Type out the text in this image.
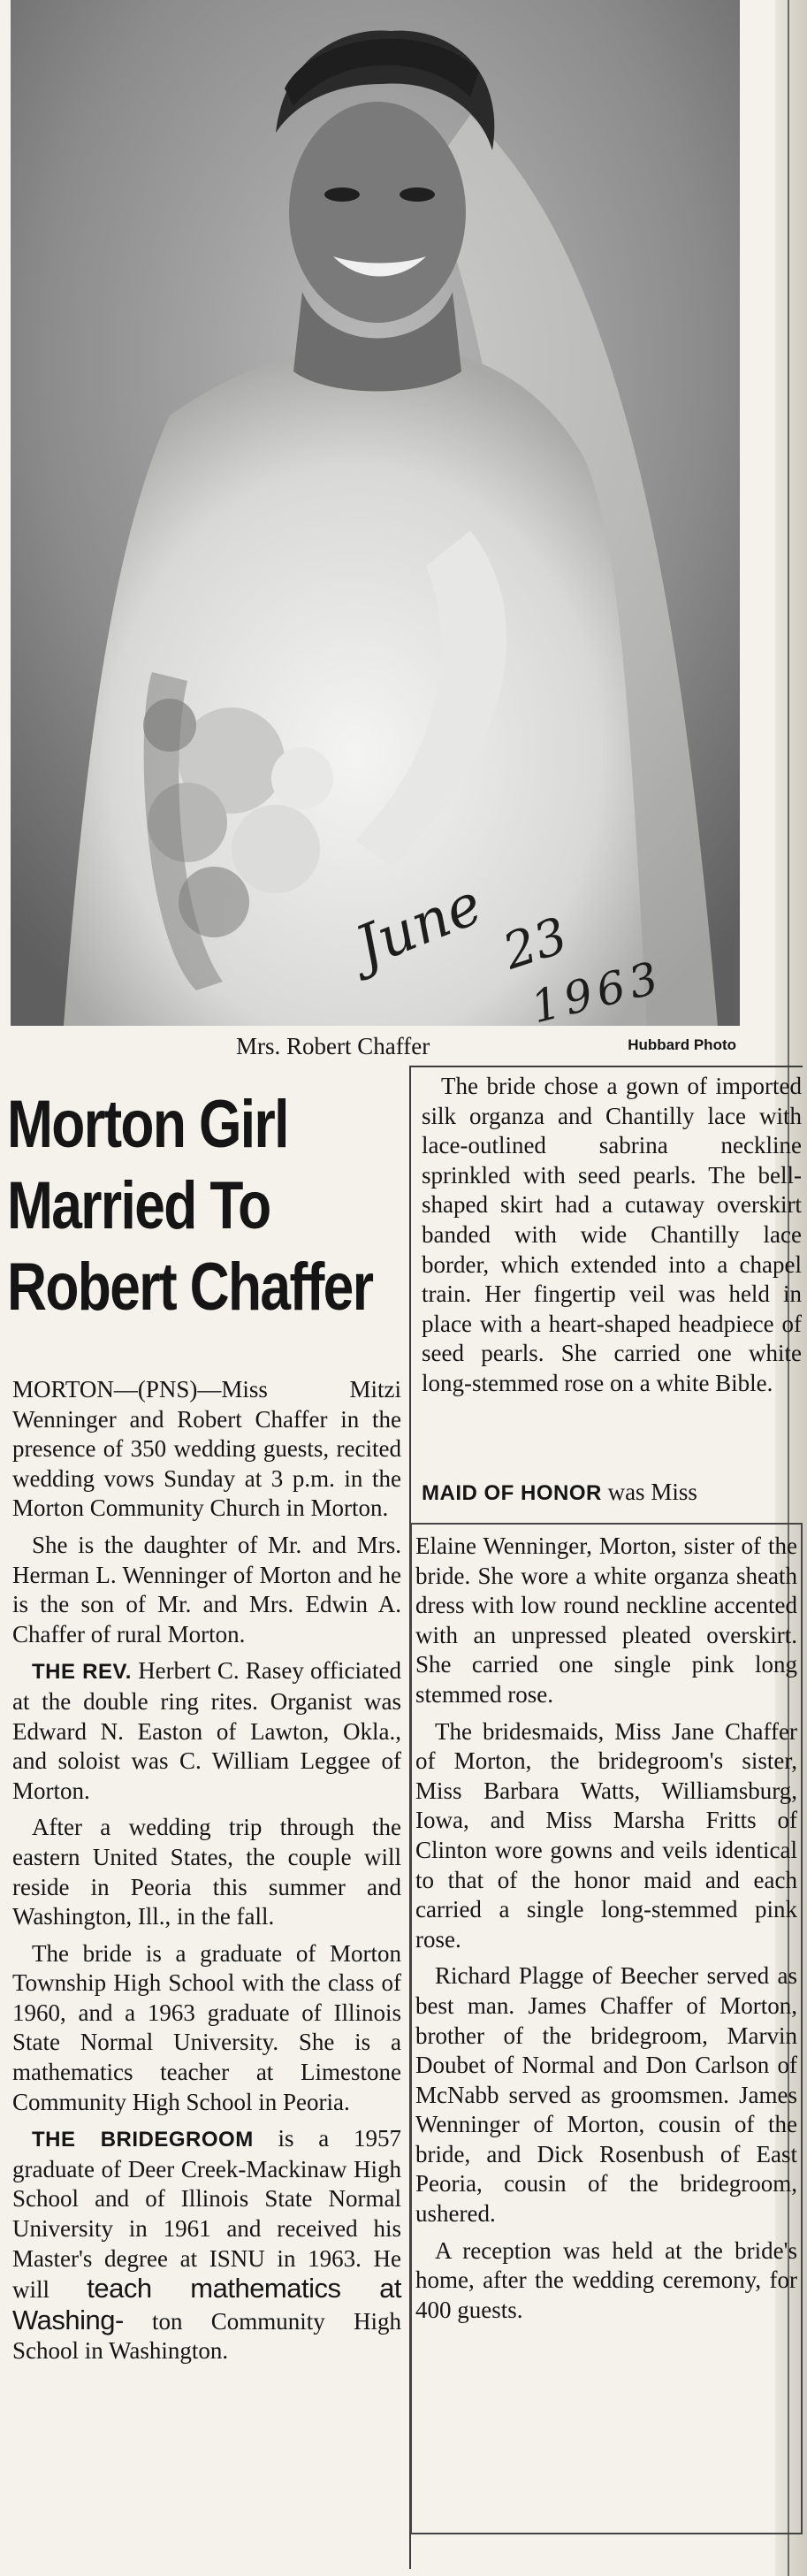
June 23
1963
Mrs. Robert Chaffer	Hubbard Photo
Morton Girl
Married To
Robert Chaffer

MORTON—(PNS)—Miss Mitzi Wenninger and Robert Chaffer in the presence of 350 wedding guests, recited wedding vows Sunday at 3 p.m. in the Morton Community Church in Morton.

She is the daughter of Mr. and Mrs. Herman L. Wenninger of Morton and he is the son of Mr. and Mrs. Edwin A. Chaffer of rural Morton.

THE REV. Herbert C. Rasey officiated at the double ring rites. Organist was Edward N. Easton of Lawton, Okla., and soloist was C. William Leggee of Morton.

After a wedding trip through the eastern United States, the couple will reside in Peoria this summer and Washington, Ill., in the fall.

The bride is a graduate of Morton Township High School with the class of 1960, and a 1963 graduate of Illinois State Normal University. She is a mathematics teacher at Limestone Community High School in Peoria.

THE BRIDEGROOM is a 1957 graduate of Deer Creek-Mackinaw High School and of Illinois State Normal University in 1961 and received his Master's degree at ISNU in 1963. He will teach mathematics at Washing- ton Community High School in Washington.

The bride chose a gown of imported silk organza and Chantilly lace with lace-outlined sabrina neckline sprinkled with seed pearls. The bell-shaped skirt had a cutaway overskirt banded with wide Chantilly lace border, which extended into a chapel train. Her fingertip veil was held in place with a heart-shaped headpiece of seed pearls. She carried one white long-stemmed rose on a white Bible.

MAID OF HONOR was Miss

Elaine Wenninger, Morton, sister of the bride. She wore a white organza sheath dress with low round neckline accented with an unpressed pleated overskirt. She carried one single pink long stemmed rose.

The bridesmaids, Miss Jane Chaffer of Morton, the bridegroom's sister, Miss Barbara Watts, Williamsburg, Iowa, and Miss Marsha Fritts of Clinton wore gowns and veils identical to that of the honor maid and each carried a single long-stemmed pink rose.

Richard Plagge of Beecher served as best man. James Chaffer of Morton, brother of the bridegroom, Marvin Doubet of Normal and Don Carlson of McNabb served as groomsmen. James Wenninger of Morton, cousin of the bride, and Dick Rosenbush of East Peoria, cousin of the bridegroom, ushered.

A reception was held at the bride's home, after the wedding ceremony, for 400 guests.
